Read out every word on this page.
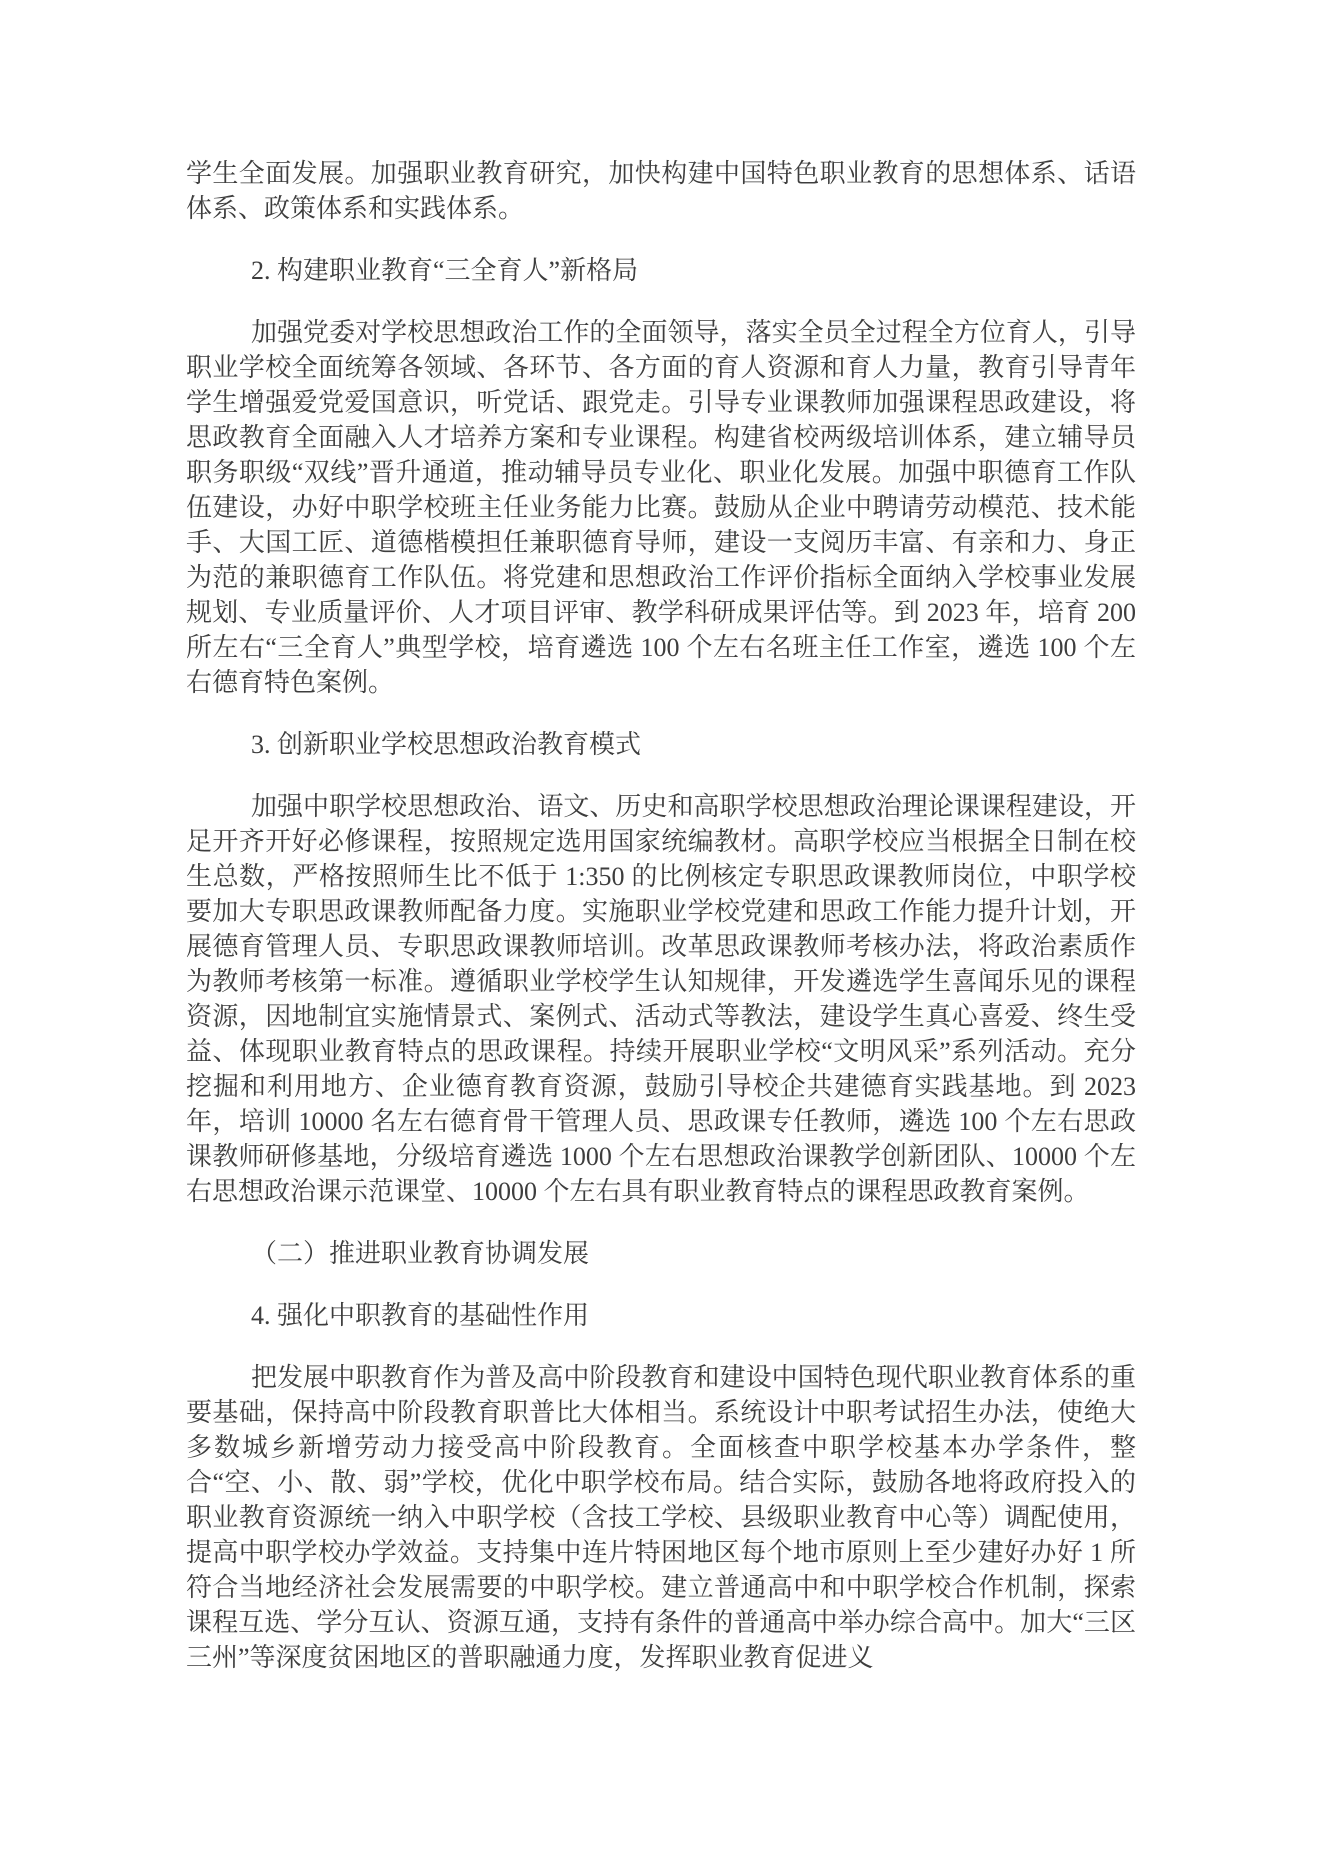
学生全面发展。加强职业教育研究，加快构建中国特色职业教育的思想体系、话语体系、政策体系和实践体系。

2. 构建职业教育“三全育人”新格局

加强党委对学校思想政治工作的全面领导，落实全员全过程全方位育人，引导职业学校全面统筹各领域、各环节、各方面的育人资源和育人力量，教育引导青年学生增强爱党爱国意识，听党话、跟党走。引导专业课教师加强课程思政建设，将思政教育全面融入人才培养方案和专业课程。构建省校两级培训体系，建立辅导员职务职级“双线”晋升通道，推动辅导员专业化、职业化发展。加强中职德育工作队伍建设，办好中职学校班主任业务能力比赛。鼓励从企业中聘请劳动模范、技术能手、大国工匠、道德楷模担任兼职德育导师，建设一支阅历丰富、有亲和力、身正为范的兼职德育工作队伍。将党建和思想政治工作评价指标全面纳入学校事业发展规划、专业质量评价、人才项目评审、教学科研成果评估等。到 2023 年，培育 200 所左右“三全育人”典型学校，培育遴选 100 个左右名班主任工作室，遴选 100 个左右德育特色案例。

3. 创新职业学校思想政治教育模式

加强中职学校思想政治、语文、历史和高职学校思想政治理论课课程建设，开足开齐开好必修课程，按照规定选用国家统编教材。高职学校应当根据全日制在校生总数，严格按照师生比不低于 1:350 的比例核定专职思政课教师岗位，中职学校要加大专职思政课教师配备力度。实施职业学校党建和思政工作能力提升计划，开展德育管理人员、专职思政课教师培训。改革思政课教师考核办法，将政治素质作为教师考核第一标准。遵循职业学校学生认知规律，开发遴选学生喜闻乐见的课程资源，因地制宜实施情景式、案例式、活动式等教法，建设学生真心喜爱、终生受益、体现职业教育特点的思政课程。持续开展职业学校“文明风采”系列活动。充分挖掘和利用地方、企业德育教育资源，鼓励引导校企共建德育实践基地。到 2023 年，培训 10000 名左右德育骨干管理人员、思政课专任教师，遴选 100 个左右思政课教师研修基地，分级培育遴选 1000 个左右思想政治课教学创新团队、10000 个左右思想政治课示范课堂、10000 个左右具有职业教育特点的课程思政教育案例。

（二）推进职业教育协调发展

4. 强化中职教育的基础性作用

把发展中职教育作为普及高中阶段教育和建设中国特色现代职业教育体系的重要基础，保持高中阶段教育职普比大体相当。系统设计中职考试招生办法，使绝大多数城乡新增劳动力接受高中阶段教育。全面核查中职学校基本办学条件，整合“空、小、散、弱”学校，优化中职学校布局。结合实际，鼓励各地将政府投入的职业教育资源统一纳入中职学校（含技工学校、县级职业教育中心等）调配使用，提高中职学校办学效益。支持集中连片特困地区每个地市原则上至少建好办好 1 所符合当地经济社会发展需要的中职学校。建立普通高中和中职学校合作机制，探索课程互选、学分互认、资源互通，支持有条件的普通高中举办综合高中。加大“三区三州”等深度贫困地区的普职融通力度，发挥职业教育促进义
